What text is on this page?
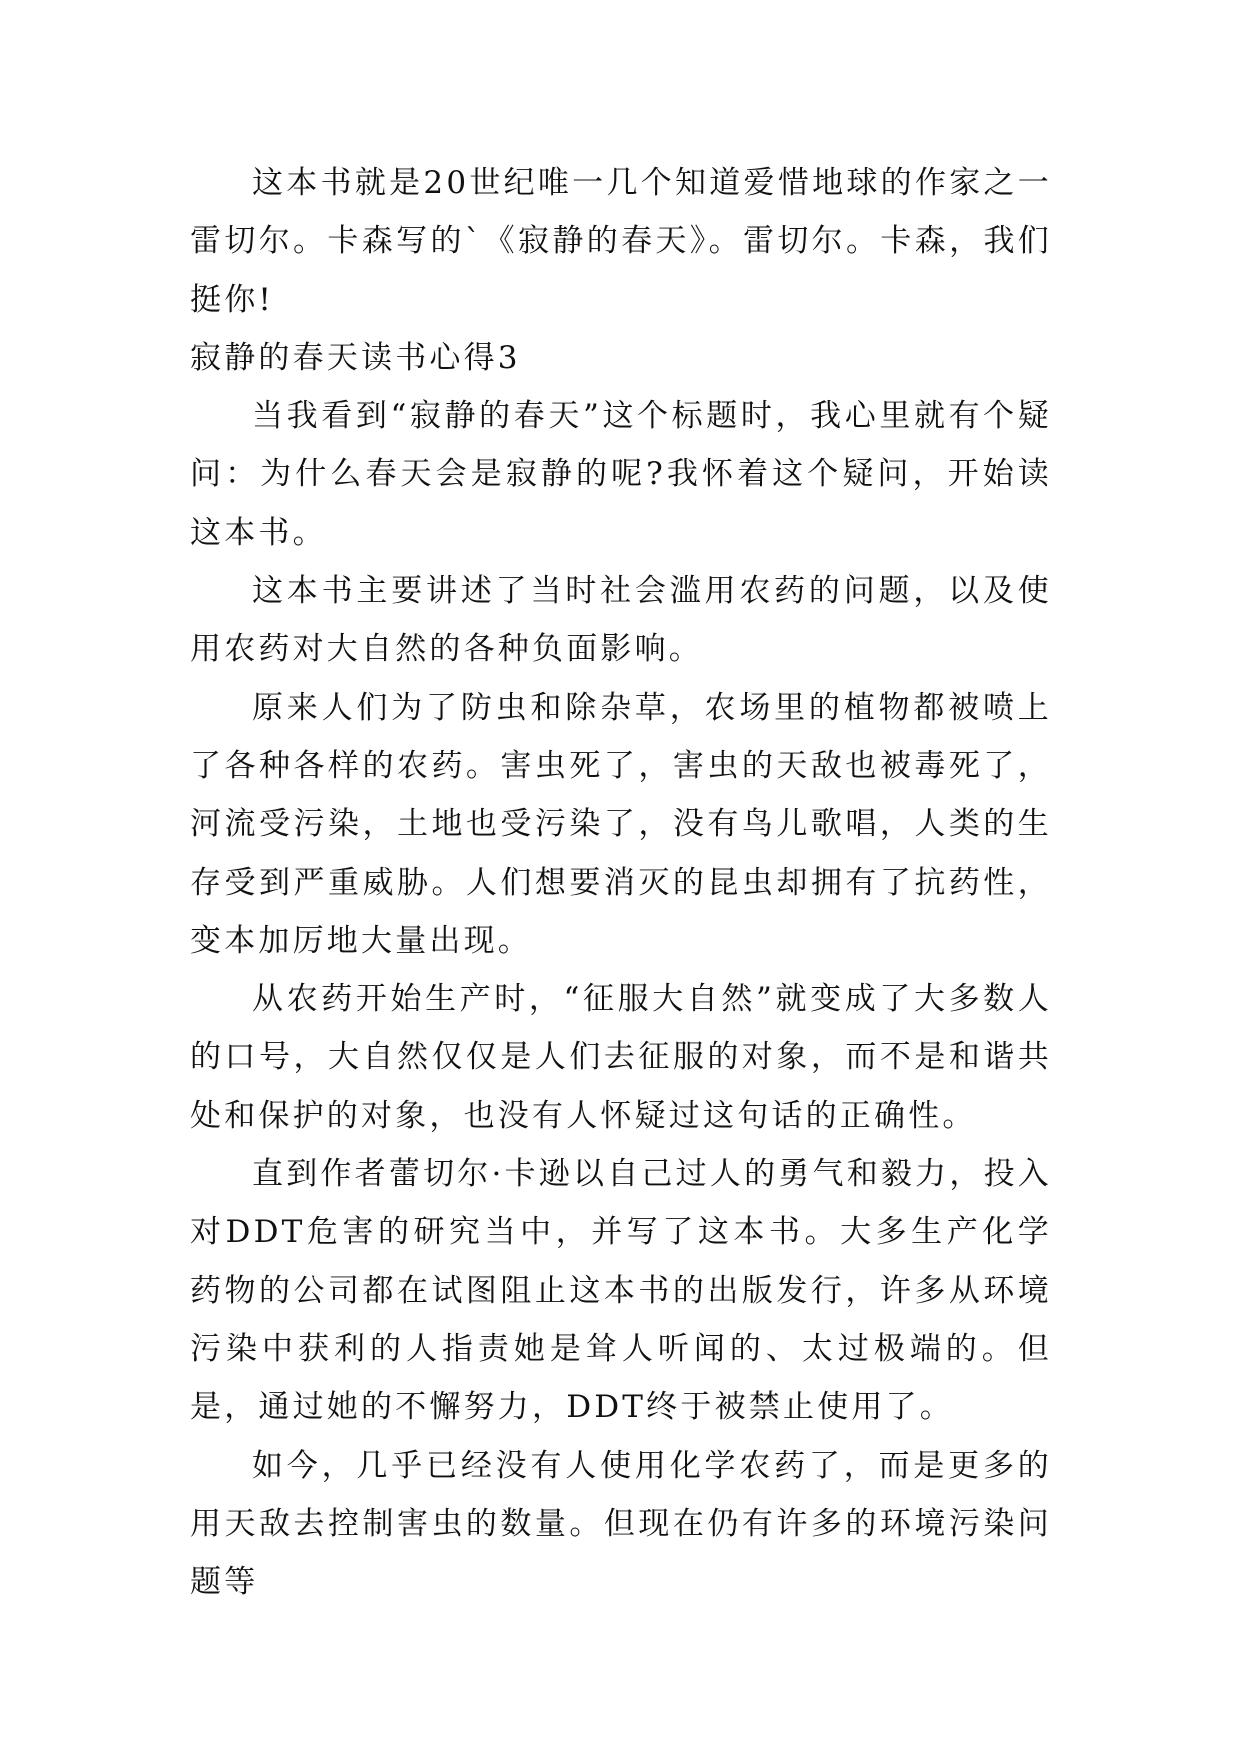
这本书就是20世纪唯一几个知道爱惜地球的作家之一雷切尔。卡森写的`《寂静的春天》。雷切尔。卡森，我们挺你!

寂静的春天读书心得3

当我看到“寂静的春天”这个标题时，我心里就有个疑问：为什么春天会是寂静的呢?我怀着这个疑问，开始读这本书。

这本书主要讲述了当时社会滥用农药的问题，以及使用农药对大自然的各种负面影响。

原来人们为了防虫和除杂草，农场里的植物都被喷上了各种各样的农药。害虫死了，害虫的天敌也被毒死了，河流受污染，土地也受污染了，没有鸟儿歌唱，人类的生存受到严重威胁。人们想要消灭的昆虫却拥有了抗药性，变本加厉地大量出现。

从农药开始生产时，“征服大自然”就变成了大多数人的口号，大自然仅仅是人们去征服的对象，而不是和谐共处和保护的对象，也没有人怀疑过这句话的正确性。

直到作者蕾切尔·卡逊以自己过人的勇气和毅力，投入对DDT危害的研究当中，并写了这本书。大多生产化学药物的公司都在试图阻止这本书的出版发行，许多从环境污染中获利的人指责她是耸人听闻的、太过极端的。但是，通过她的不懈努力，DDT终于被禁止使用了。

如今，几乎已经没有人使用化学农药了，而是更多的用天敌去控制害虫的数量。但现在仍有许多的环境污染问题等
